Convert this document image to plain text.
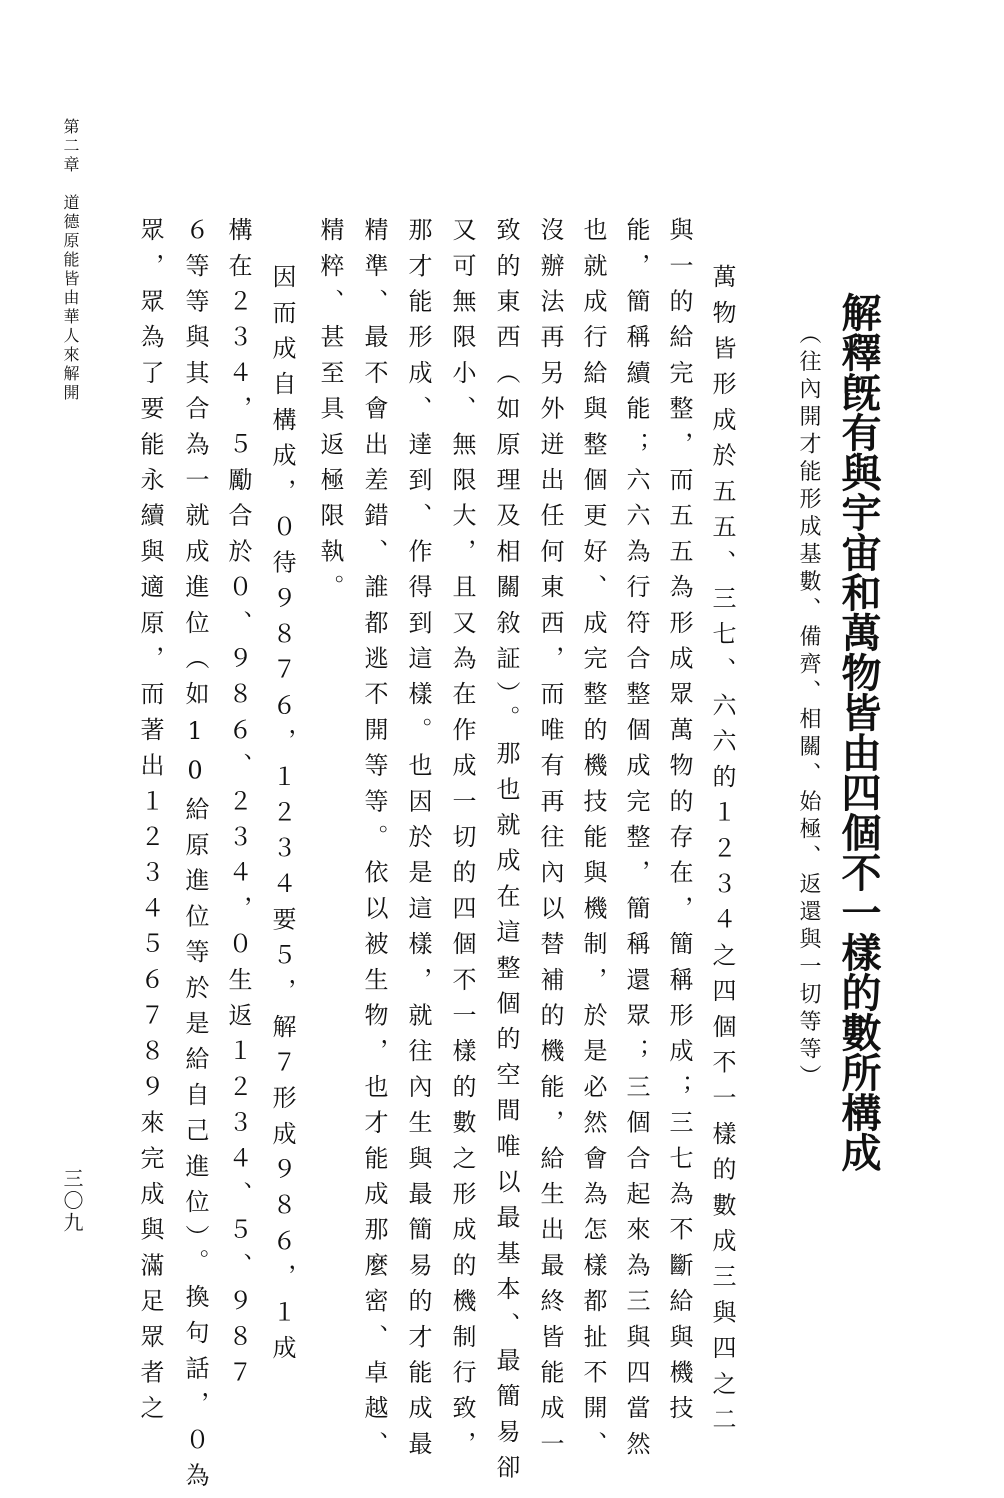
解釋旣有與宇宙和萬物皆由四個不一樣的數所構成
（往內開才能形成基數、備齊、相關、始極、返還與一切等等）
萬物皆形成於五五、三七、六六的１２３４之四個不一樣的數成三與四之二
與一的給完整，而五五為形成眾萬物的存在，簡稱形成；三七為不斷給與機技
能，簡稱續能；六六為行符合整個成完整，簡稱還眾；三個合起來為三與四當然
也就成行給與整個更好、成完整的機技能與機制，於是必然會為怎樣都扯不開、
沒辦法再另外迸出任何東西，而唯有再往內以替補的機能，給生出最終皆能成一
致的東西（如原理及相關敘証）。那也就成在這整個的空間唯以最基本、最簡易卻
又可無限小、無限大，且又為在作成一切的四個不一樣的數之形成的機制行致，
那才能形成、達到、作得到這樣。也因於是這樣，就往內生與最簡易的才能成最
精準、最不會出差錯、誰都逃不開等等。依以被生物，也才能成那麼密、卓越、
精粹、甚至具返極限執。
因而成自構成，０待９８７６，１２３４要５，解７形成９８６，１成
構在２３４，５勵合於０、９８６、２３４，０生返１２３４、５、９８７
６等等與其合為一就成進位（如10給原進位等於是給自己進位）。換句話，０為
眾，眾為了要能永續與適原，而著出１２３４５６７８９來完成與滿足眾者之
第二章　道德原能皆由華人來解開
三〇九
